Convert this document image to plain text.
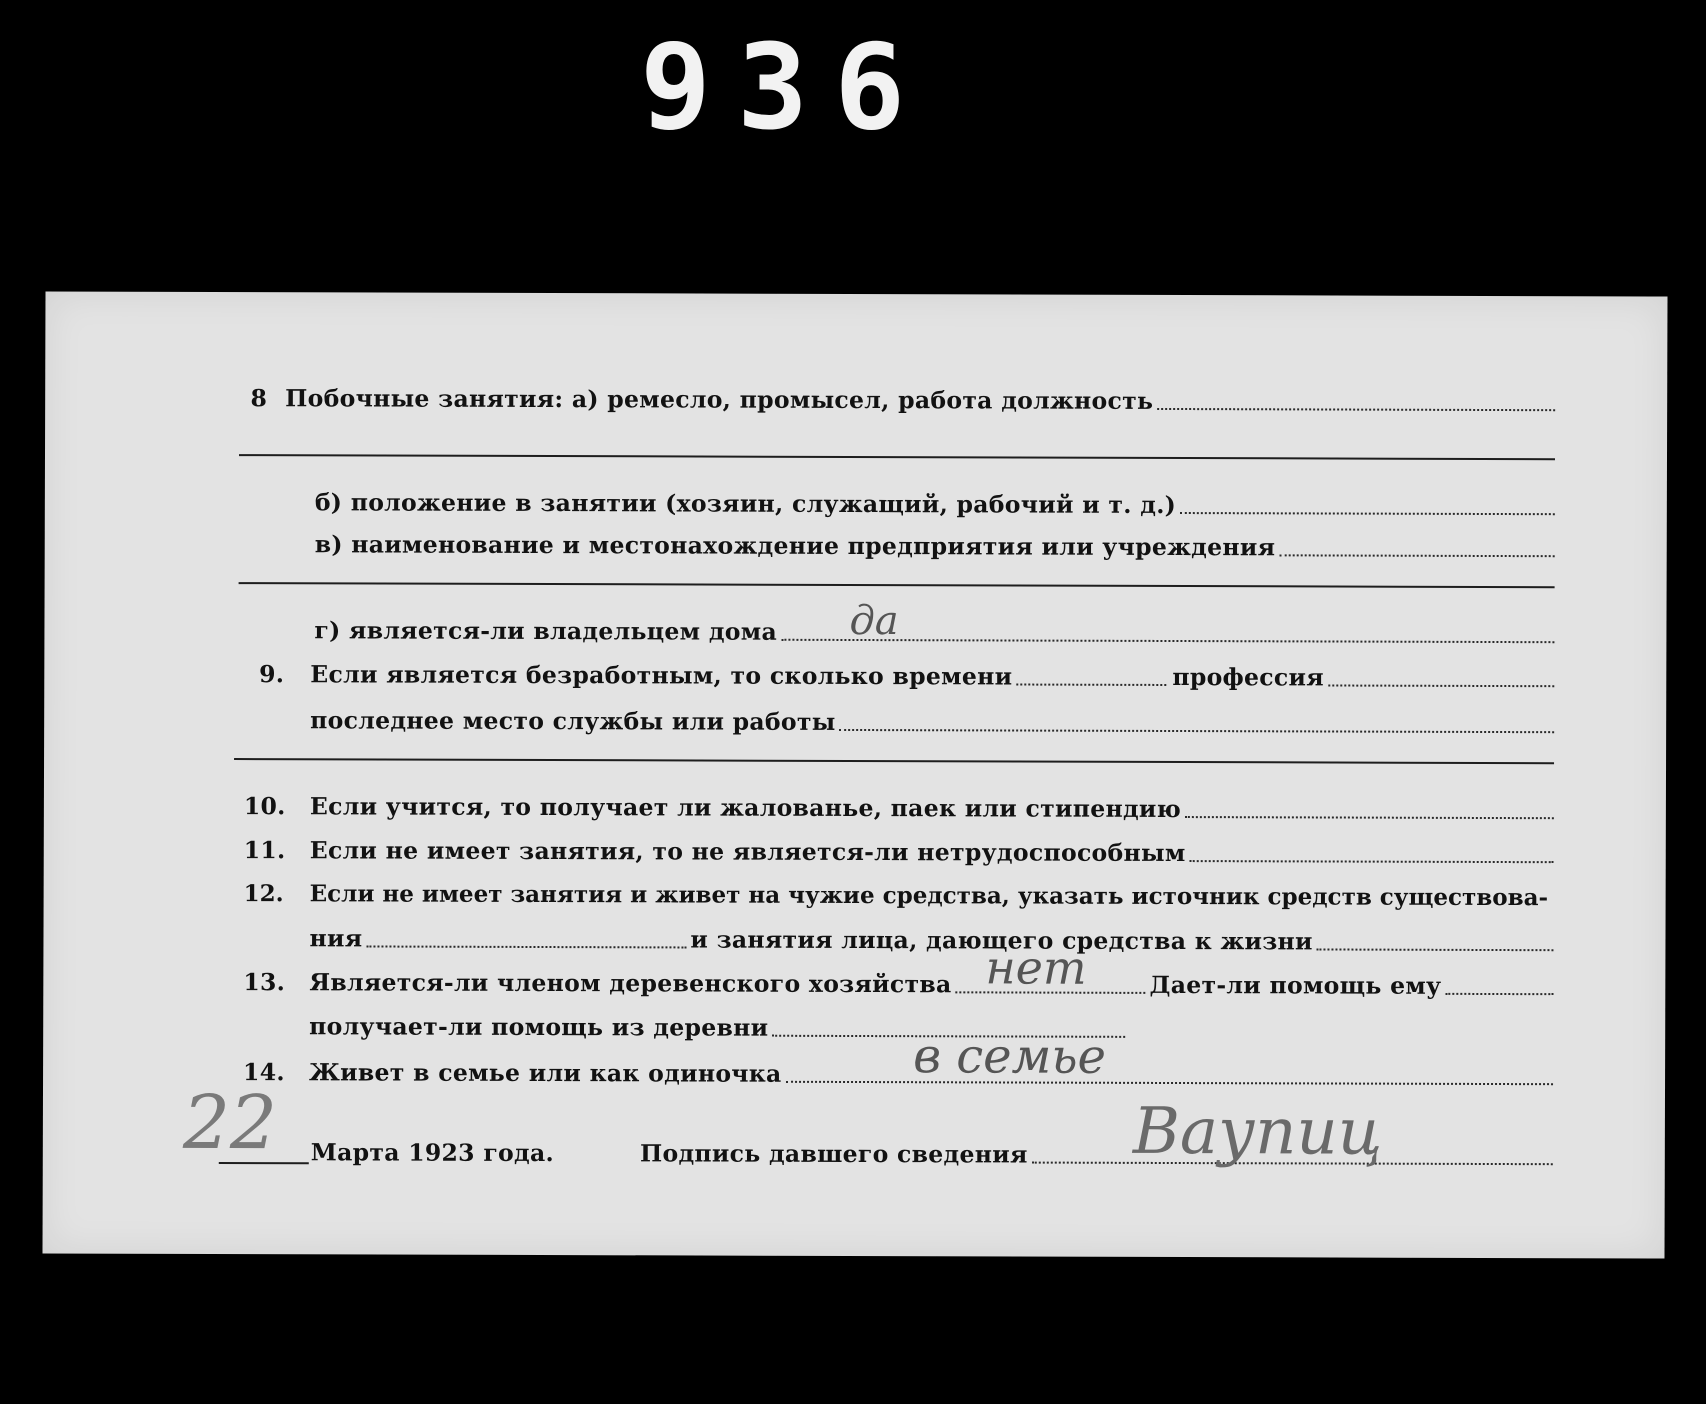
936
8 Побочные занятия: а) ремесло, промысел, работа должность
б) положение в занятии (хозяин, служащий, рабочий и т. д.)
в) наименование и местонахождение предприятия или учреждения
г) является-ли владельцем дома да
9. Если является безработным, то сколько времени	профессия
последнее место службы или работы
10. Если учится, то получает ли жалованье, паек или стипендию
11. Если не имеет занятия, то не является-ли нетрудоспособным
12. Если не имеет занятия и живет на чужие средства, указать источник средств существова-
ния	и занятия лица, дающего средства к жизни
13. Является-ли членом деревенского хозяйства	Дает-ли помощь ему
нет
получает-ли помощь из деревни
14. Живет в семье или как одиночка	в семье
22 Марта 1923 года.	Подпись давшего сведения Ваупиц
